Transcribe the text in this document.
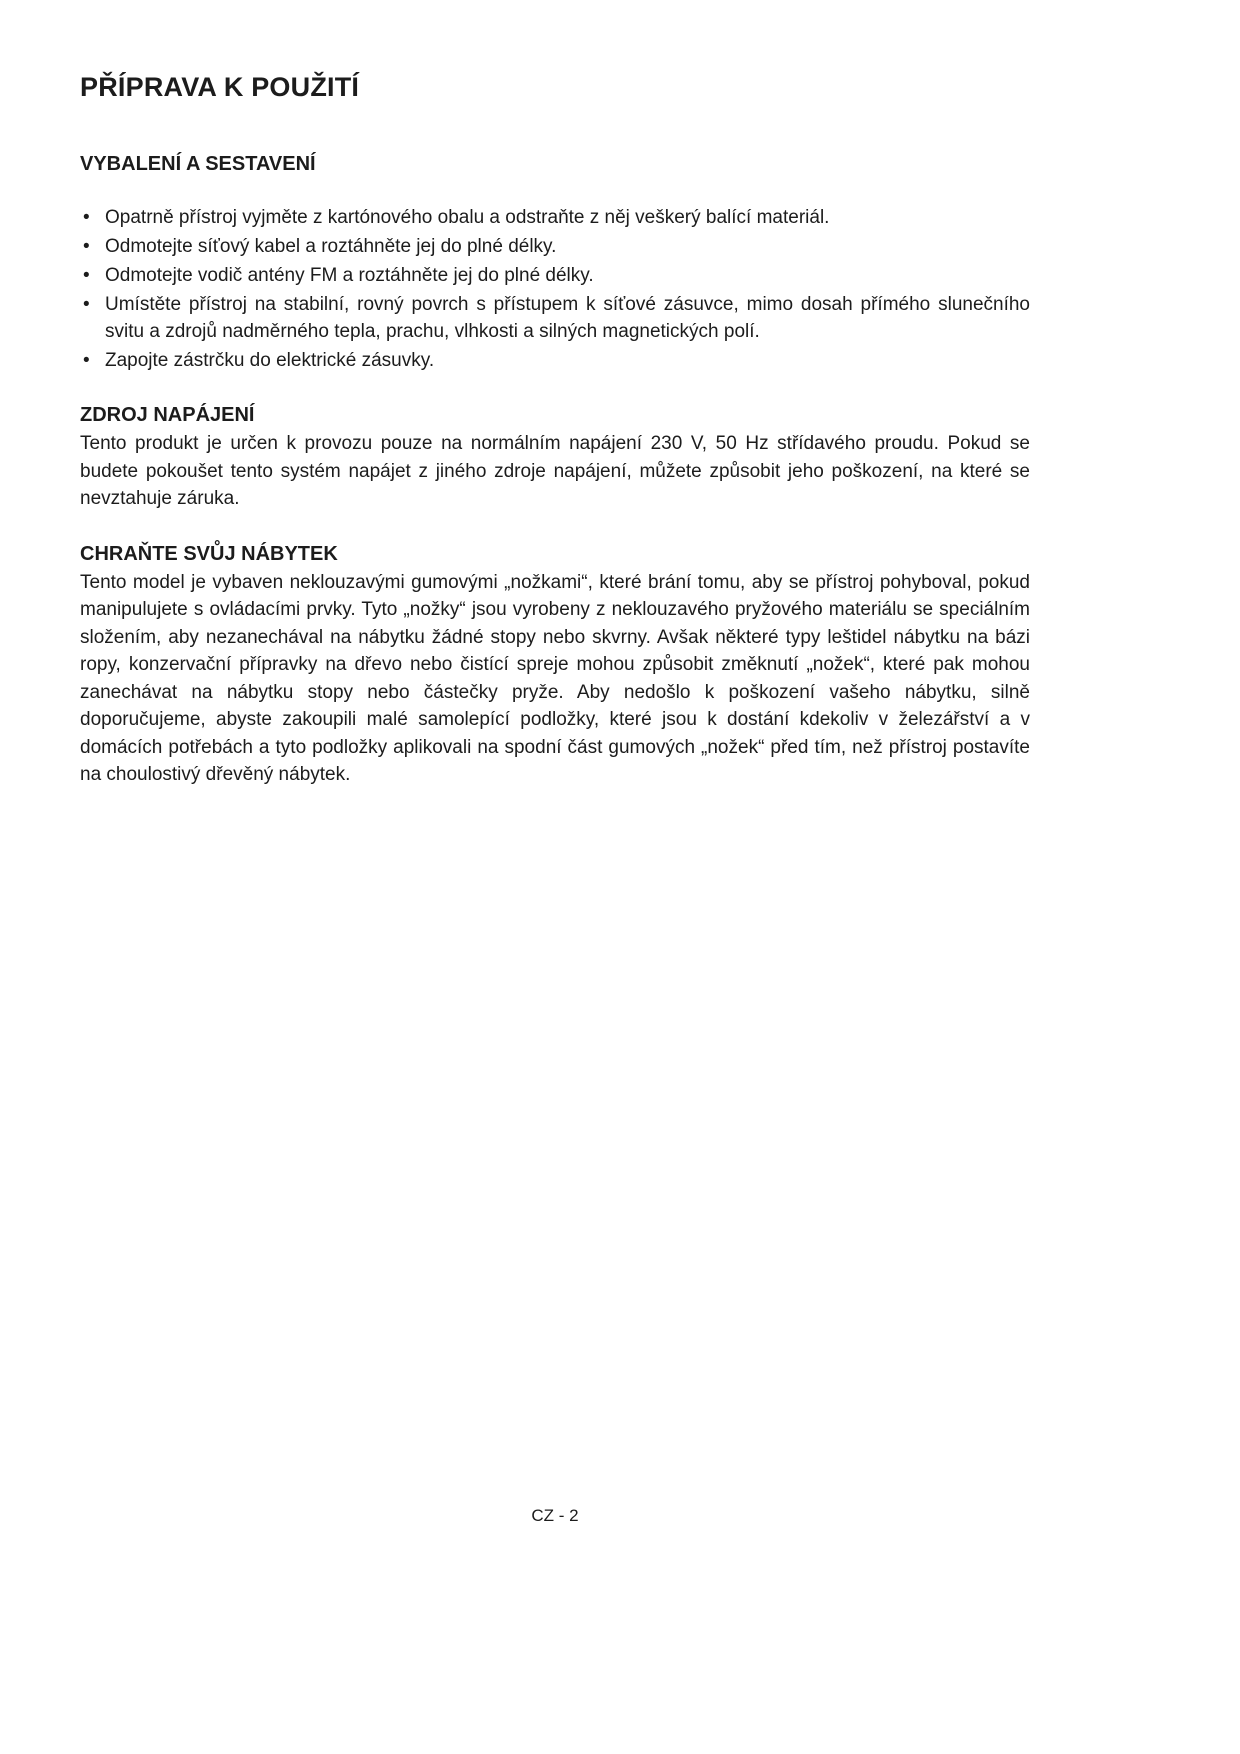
PŘÍPRAVA K POUŽITÍ
VYBALENÍ A SESTAVENÍ
• Opatrně přístroj vyjměte z kartónového obalu a odstraňte z něj veškerý balící materiál.
• Odmotejte síťový kabel a roztáhněte jej do plné délky.
• Odmotejte vodič antény FM a roztáhněte jej do plné délky.
• Umístěte přístroj na stabilní, rovný povrch s přístupem k síťové zásuvce, mimo dosah přímého slunečního svitu a zdrojů nadměrného tepla, prachu, vlhkosti a silných magnetických polí.
• Zapojte zástrčku do elektrické zásuvky.
ZDROJ NAPÁJENÍ

Tento produkt je určen k provozu pouze na normálním napájení 230 V, 50 Hz střídavého proudu. Pokud se budete pokoušet tento systém napájet z jiného zdroje napájení, můžete způsobit jeho poškození, na které se nevztahuje záruka.

CHRAŇTE SVŮJ NÁBYTEK

Tento model je vybaven neklouzavými gumovými „nožkami“, které brání tomu, aby se přístroj pohyboval, pokud manipulujete s ovládacími prvky. Tyto „nožky“ jsou vyrobeny z neklouzavého pryžového materiálu se speciálním složením, aby nezanechával na nábytku žádné stopy nebo skvrny. Avšak některé typy leštidel nábytku na bázi ropy, konzervační přípravky na dřevo nebo čistící spreje mohou způsobit změknutí „nožek“, které pak mohou zanechávat na nábytku stopy nebo částečky pryže. Aby nedošlo k poškození vašeho nábytku, silně doporučujeme, abyste zakoupili malé samolepící podložky, které jsou k dostání kdekoliv v železářství a v domácích potřebách a tyto podložky aplikovali na spodní část gumových „nožek“ před tím, než přístroj postavíte na choulostivý dřevěný nábytek.

CZ - 2
